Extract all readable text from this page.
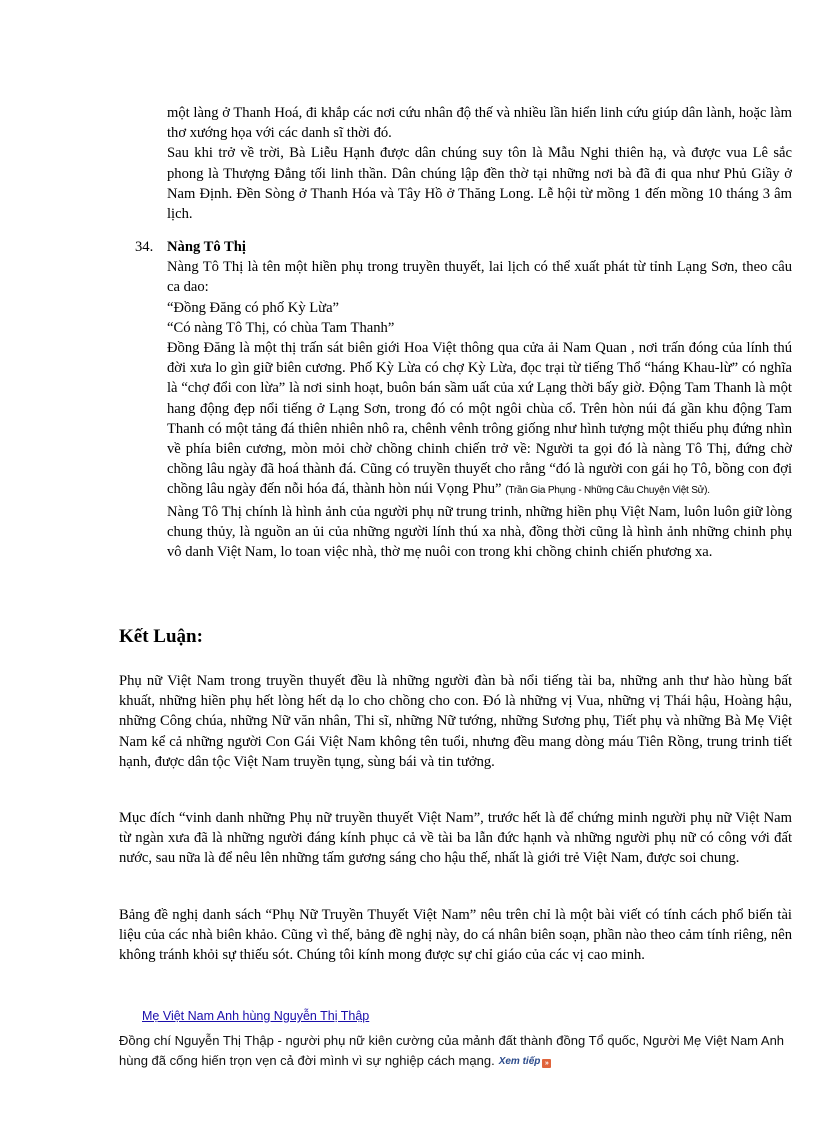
một làng ở Thanh Hoá, đi khắp các nơi cứu nhân độ thế và nhiều lần hiển linh cứu giúp dân lành, hoặc làm thơ xướng họa với các danh sĩ thời đó.

Sau khi trở về trời, Bà Liễu Hạnh được dân chúng suy tôn là Mẫu Nghi thiên hạ, và được vua Lê sắc phong là Thượng Đẳng tối linh thần. Dân chúng lập đền thờ tại những nơi bà đã đi qua như Phủ Giầy ở Nam Định. Đền Sòng ở Thanh Hóa và Tây Hồ ở Thăng Long. Lễ hội từ mồng 1 đến mồng 10 tháng 3 âm lịch.

34. Nàng Tô Thị

Nàng Tô Thị là tên một hiền phụ trong truyền thuyết, lai lịch có thể xuất phát từ tỉnh Lạng Sơn, theo câu ca dao:

“Đồng Đăng có phố Kỳ Lừa”

“Có nàng Tô Thị, có chùa Tam Thanh”

Đồng Đăng là một thị trấn sát biên giới Hoa Việt thông qua cửa ải Nam Quan , nơi trấn đóng của lính thú đời xưa lo gìn giữ biên cương. Phố Kỳ Lừa có chợ Kỳ Lừa, đọc trại từ tiếng Thổ “háng Khau-lừ” có nghĩa là “chợ đổi con lừa” là nơi sinh hoạt, buôn bán sầm uất của xứ Lạng thời bấy giờ. Động Tam Thanh là một hang động đẹp nổi tiếng ở Lạng Sơn, trong đó có một ngôi chùa cổ. Trên hòn núi đá gần khu động Tam Thanh có một tảng đá thiên nhiên nhô ra, chênh vênh trông giống như hình tượng một thiếu phụ đứng nhìn về phía biên cương, mòn mỏi chờ chồng chinh chiến trở về: Người ta gọi đó là nàng Tô Thị, đứng chờ chồng lâu ngày đã hoá thành đá. Cũng có truyền thuyết cho rằng “đó là người con gái họ Tô, bồng con đợi chồng lâu ngày đến nỗi hóa đá, thành hòn núi Vọng Phu” (Trần Gia Phụng - Những Câu Chuyện Việt Sử).

Nàng Tô Thị chính là hình ảnh của người phụ nữ trung trinh, những hiền phụ Việt Nam, luôn luôn giữ lòng chung thủy, là nguồn an ủi của những người lính thú xa nhà, đồng thời cũng là hình ảnh những chinh phụ vô danh Việt Nam, lo toan việc nhà, thờ mẹ nuôi con trong khi chồng chinh chiến phương xa.

Kết Luận:

Phụ nữ Việt Nam trong truyền thuyết đều là những người đàn bà nổi tiếng tài ba, những anh thư hào hùng bất khuất, những hiền phụ hết lòng hết dạ lo cho chồng cho con. Đó là những vị Vua, những vị Thái hậu, Hoàng hậu, những Công chúa, những Nữ văn nhân, Thi sĩ, những Nữ tướng, những Sương phụ, Tiết phụ và những Bà Mẹ Việt Nam kể cả những người Con Gái Việt Nam không tên tuổi, nhưng đều mang dòng máu Tiên Rồng, trung trinh tiết hạnh, được dân tộc Việt Nam truyền tụng, sùng bái và tin tưởng.

Mục đích “vinh danh những Phụ nữ truyền thuyết Việt Nam”, trước hết là để chứng minh người phụ nữ Việt Nam từ ngàn xưa đã là những người đáng kính phục cả về tài ba lẫn đức hạnh và những người phụ nữ có công với đất nước, sau nữa là để nêu lên những tấm gương sáng cho hậu thế, nhất là giới trẻ Việt Nam, được soi chung.

Bảng đề nghị danh sách “Phụ Nữ Truyền Thuyết Việt Nam” nêu trên chỉ là một bài viết có tính cách phổ biến tài liệu của các nhà biên khảo. Cũng vì thế, bảng đề nghị này, do cá nhân biên soạn, phần nào theo cảm tính riêng, nên không tránh khỏi sự thiếu sót. Chúng tôi kính mong được sự chỉ giáo của các vị cao minh.

Mẹ Việt Nam Anh hùng Nguyễn Thị Thập

Đồng chí Nguyễn Thị Thập - người phụ nữ kiên cường của mảnh đất thành đồng Tổ quốc, Người Mẹ Việt Nam Anh hùng đã cống hiến trọn vẹn cả đời mình vì sự nghiệp cách mạng. Xem tiếp »
